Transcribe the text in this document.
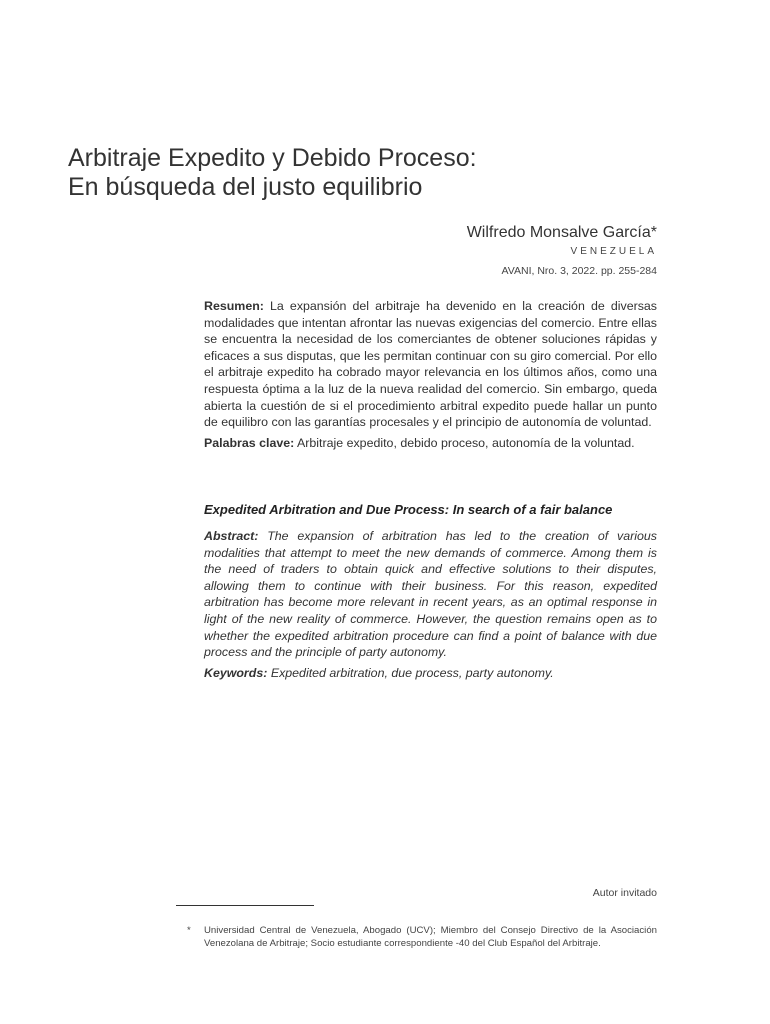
Arbitraje Expedito y Debido Proceso:
En búsqueda del justo equilibrio
Wilfredo Monsalve García*
VENEZUELA
AVANI, Nro. 3, 2022. pp. 255-284

Resumen: La expansión del arbitraje ha devenido en la creación de diversas modalidades que intentan afrontar las nuevas exigencias del comercio. Entre ellas se encuentra la necesidad de los comerciantes de obtener soluciones rápidas y eficaces a sus disputas, que les permitan continuar con su giro comercial. Por ello el arbitraje expedito ha cobrado mayor relevancia en los últimos años, como una respuesta óptima a la luz de la nueva realidad del comercio. Sin embargo, queda abierta la cuestión de si el procedimiento arbitral expedito puede hallar un punto de equilibro con las garantías procesales y el principio de autonomía de voluntad.

Palabras clave: Arbitraje expedito, debido proceso, autonomía de la voluntad.

Expedited Arbitration and Due Process: In search of a fair balance

Abstract: The expansion of arbitration has led to the creation of various modalities that attempt to meet the new demands of commerce. Among them is the need of traders to obtain quick and effective solutions to their disputes, allowing them to continue with their business. For this reason, expedited arbitration has become more relevant in recent years, as an optimal response in light of the new reality of commerce. However, the question remains open as to whether the expedited arbitration procedure can find a point of balance with due process and the principle of party autonomy.

Keywords: Expedited arbitration, due process, party autonomy.

Autor invitado
*	Universidad Central de Venezuela, Abogado (UCV); Miembro del Consejo Directivo de la Asociación Venezolana de Arbitraje; Socio estudiante correspondiente -40 del Club Español del Arbitraje.
